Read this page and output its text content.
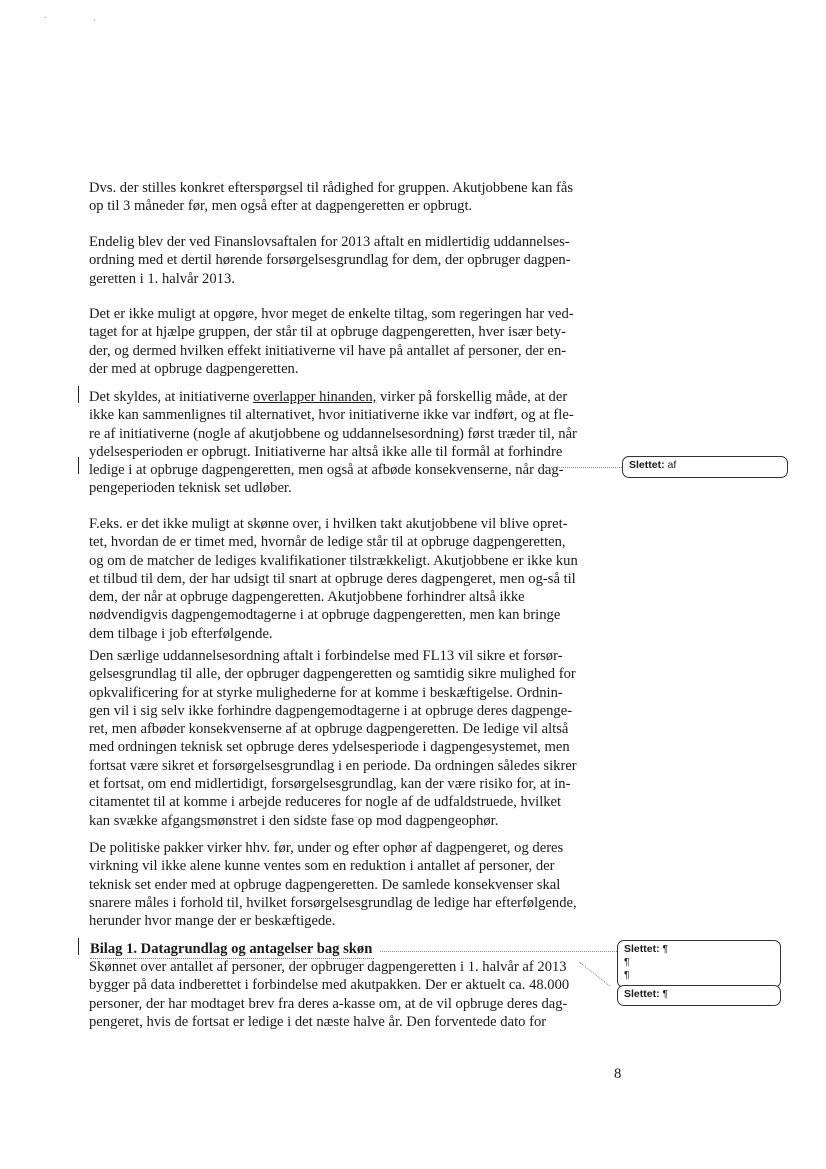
.	ˎ

Dvs. der stilles konkret efterspørgsel til rådighed for gruppen. Akutjobbene kan fås op til 3 måneder før, men også efter at dagpengeretten er opbrugt.

Endelig blev der ved Finanslovsaftalen for 2013 aftalt en midlertidig uddannelses-ordning med et dertil hørende forsørgelsesgrundlag for dem, der opbruger dagpen-geretten i 1. halvår 2013.

Det er ikke muligt at opgøre, hvor meget de enkelte tiltag, som regeringen har ved-taget for at hjælpe gruppen, der står til at opbruge dagpengeretten, hver især bety-der, og dermed hvilken effekt initiativerne vil have på antallet af personer, der en-der med at opbruge dagpengeretten.

Det skyldes, at initiativerne overlapper hinanden, virker på forskellig måde, at der ikke kan sammenlignes til alternativet, hvor initiativerne ikke var indført, og at fle-re af initiativerne (nogle af akutjobbene og uddannelsesordning) først træder til, når ydelsesperioden er opbrugt. Initiativerne har altså ikke alle til formål at forhindre ledige i at opbruge dagpengeretten, men også at afbøde konsekvenserne, når dag-pengeperioden teknisk set udløber.

F.eks. er det ikke muligt at skønne over, i hvilken takt akutjobbene vil blive opret-tet, hvordan de er timet med, hvornår de ledige står til at opbruge dagpengeretten, og om de matcher de lediges kvalifikationer tilstrækkeligt. Akutjobbene er ikke kun et tilbud til dem, der har udsigt til snart at opbruge deres dagpengeret, men og-så til dem, der når at opbruge dagpengeretten. Akutjobbene forhindrer altså ikke nødvendigvis dagpengemodtagerne i at opbruge dagpengeretten, men kan bringe dem tilbage i job efterfølgende.

Den særlige uddannelsesordning aftalt i forbindelse med FL13 vil sikre et forsør-gelsesgrundlag til alle, der opbruger dagpengeretten og samtidig sikre mulighed for opkvalificering for at styrke mulighederne for at komme i beskæftigelse. Ordnin-gen vil i sig selv ikke forhindre dagpengemodtagerne i at opbruge deres dagpenge-ret, men afbøder konsekvenserne af at opbruge dagpengeretten. De ledige vil altså med ordningen teknisk set opbruge deres ydelsesperiode i dagpengesystemet, men fortsat være sikret et forsørgelsesgrundlag i en periode. Da ordningen således sikrer et fortsat, om end midlertidigt, forsørgelsesgrundlag, kan der være risiko for, at in-citamentet til at komme i arbejde reduceres for nogle af de udfaldstruede, hvilket kan svække afgangsmønstret i den sidste fase op mod dagpengeophør.

De politiske pakker virker hhv. før, under og efter ophør af dagpengeret, og deres virkning vil ikke alene kunne ventes som en reduktion i antallet af personer, der teknisk set ender med at opbruge dagpengeretten. De samlede konsekvenser skal snarere måles i forhold til, hvilket forsørgelsesgrundlag de ledige har efterfølgende, herunder hvor mange der er beskæftigede.

Bilag 1. Datagrundlag og antagelser bag skøn

Skønnet over antallet af personer, der opbruger dagpengeretten i 1. halvår af 2013 bygger på data indberettet i forbindelse med akutpakken. Der er aktuelt ca. 48.000 personer, der har modtaget brev fra deres a-kasse om, at de vil opbruge deres dag-pengeret, hvis de fortsat er ledige i det næste halve år. Den forventede dato for

Slettet: af
Slettet: ¶
¶
¶
Slettet: ¶
8
